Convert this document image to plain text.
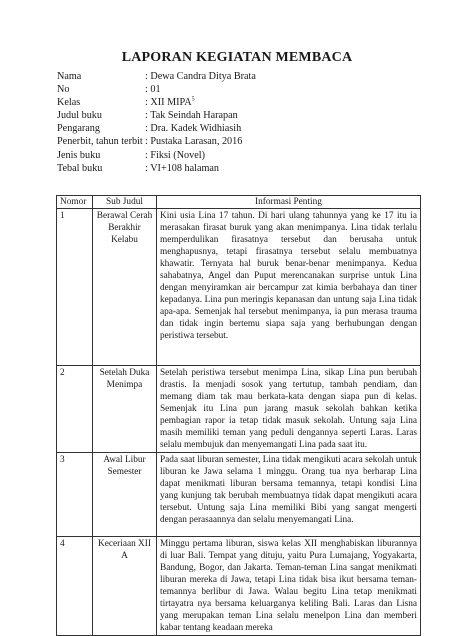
LAPORAN KEGIATAN MEMBACA
Nama	: Dewa Candra Ditya Brata
No	: 01
Kelas	: XII MIPA$^5$
Judul buku	: Tak Seindah Harapan
Pengarang	: Dra. Kadek Widhiasih
Penerbit, tahun terbit : Pustaka Larasan, 2016
Jenis buku	: Fiksi (Novel)
Tebal buku	: VI+108 halaman
Nomor	Sub Judul	Informasi Penting
1	Berawal Cerah Berakhir Kelabu	Kini usia Lina 17 tahun. Di hari ulang tahunnya yang ke 17 itu ia merasakan firasat buruk yang akan menimpanya. Lina tidak terlalu memperdulikan firasatnya tersebut dan berusaha untuk menghapusnya, tetapi firasatnya tersebut selalu membuatnya khawatir. Ternyata hal buruk benar-benar menimpanya. Kedua sahabatnya, Angel dan Puput merencanakan surprise untuk Lina dengan menyiramkan air bercampur zat kimia berbahaya dan tiner kepadanya. Lina pun meringis kepanasan dan untung saja Lina tidak apa-apa. Semenjak hal tersebut menimpanya, ia pun merasa trauma dan tidak ingin bertemu siapa saja yang berhubungan dengan peristiwa tersebut.
2	Setelah Duka Menimpa	Setelah peristiwa tersebut menimpa Lina, sikap Lina pun berubah drastis. Ia menjadi sosok yang tertutup, tambah pendiam, dan memang diam tak mau berkata-kata dengan siapa pun di kelas. Semenjak itu Lina pun jarang masuk sekolah bahkan ketika pembagian rapor ia tetap tidak masuk sekolah. Untung saja Lina masih memiliki teman yang peduli dengannya seperti Laras. Laras selalu membujuk dan menyemangati Lina pada saat itu.
3	Awal Libur Semester	Pada saat liburan semester, Lina tidak mengikuti acara sekolah untuk liburan ke Jawa selama 1 minggu. Orang tua nya berharap Lina dapat menikmati liburan bersama temannya, tetapi kondisi Lina yang kunjung tak berubah membuatnya tidak dapat mengikuti acara tersebut. Untung saja Lina memiliki Bibi yang sangat mengerti dengan perasaannya dan selalu menyemangati Lina.
4	Keceriaan XII A	Minggu pertama liburan, siswa kelas XII menghabiskan liburannya di luar Bali. Tempat yang dituju, yaitu Pura Lumajang, Yogyakarta, Bandung, Bogor, dan Jakarta. Teman-teman Lina sangat menikmati liburan mereka di Jawa, tetapi Lina tidak bisa ikut bersama teman-temannya berlibur di Jawa. Walau begitu Lina tetap menikmati tirtayatra nya bersama keluarganya keliling Bali. Laras dan Lisna yang merupakan teman Lina selalu menelpon Lina dan memberi kabar tentang keadaan mereka
